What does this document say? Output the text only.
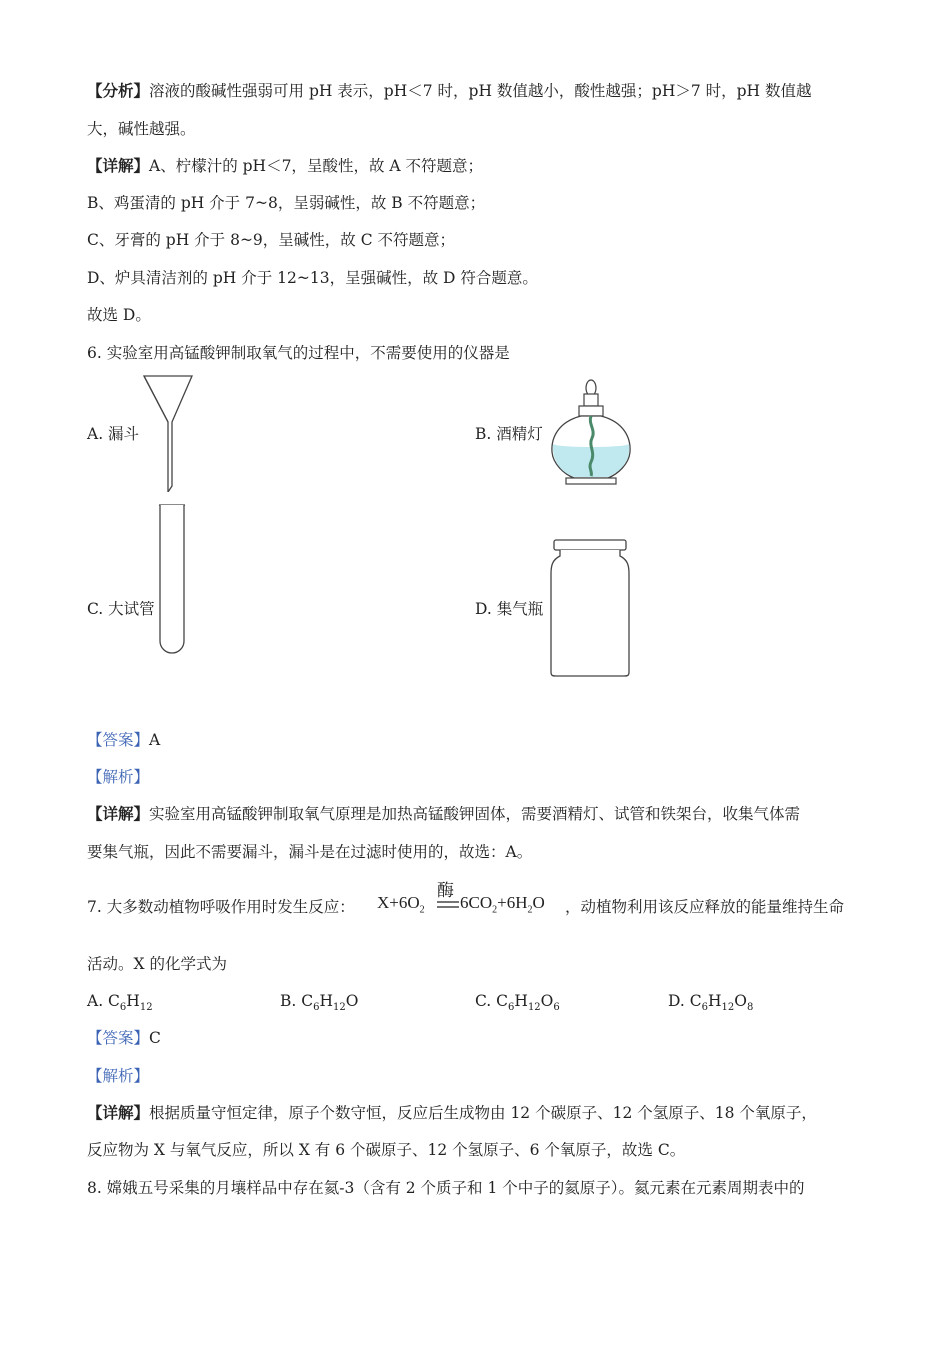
【分析】溶液的酸碱性强弱可用 pH 表示，pH＜7 时，pH 数值越小，酸性越强；pH＞7 时，pH 数值越
大，碱性越强。
【详解】A、柠檬汁的 pH＜7，呈酸性，故 A 不符题意；
B、鸡蛋清的 pH 介于 7~8，呈弱碱性，故 B 不符题意；
C、牙膏的 pH 介于 8~9，呈碱性，故 C 不符题意；
D、炉具清洁剂的 pH 介于 12~13，呈强碱性，故 D 符合题意。
故选 D。
6. 实验室用高锰酸钾制取氧气的过程中，不需要使用的仪器是
A. 漏斗	B. 酒精灯
C. 大试管	D. 集气瓶
【答案】A
【解析】
【详解】实验室用高锰酸钾制取氧气原理是加热高锰酸钾固体，需要酒精灯、试管和铁架台，收集气体需
要集气瓶，因此不需要漏斗，漏斗是在过滤时使用的，故选：A。
7. 大多数动植物呼吸作用时发生反应： $X+6O_2$
酶
$6CO_2+6H_2O$ ，动植物利用该反应释放的能量维持生命
活动。X 的化学式为
A. $C_6H_{12}$	B. $C_6H_{12}O$	C. $C_6H_{12}O_6$	D. $C_6H_{12}O_8$
【答案】C
【解析】
【详解】根据质量守恒定律，原子个数守恒，反应后生成物由 12 个碳原子、12 个氢原子、18 个氧原子，
反应物为 X 与氧气反应，所以 X 有 6 个碳原子、12 个氢原子、6 个氧原子，故选 C。
8. 嫦娥五号采集的月壤样品中存在氦-3（含有 2 个质子和 1 个中子的氦原子）。氦元素在元素周期表中的
